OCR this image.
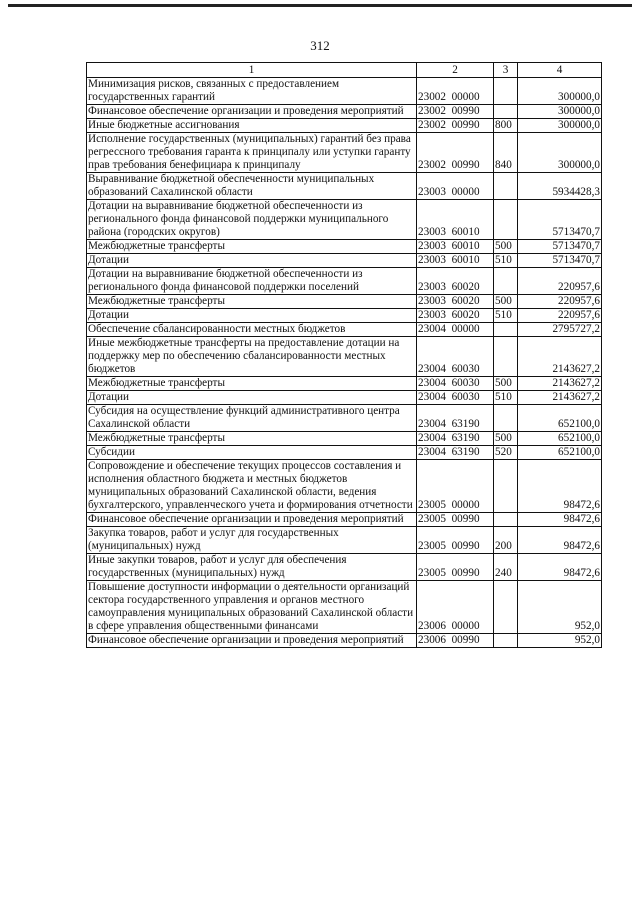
312
1	2	3	4
Минимизация рисков, связанных с предоставлением государственных гарантий	23002  00000		300000,0
Финансовое обеспечение организации и проведения мероприятий	23002  00990		300000,0
Иные бюджетные ассигнования	23002  00990	800	300000,0
Исполнение государственных (муниципальных) гарантий без права регрессного требования гаранта к принципалу или уступки гаранту прав требования бенефициара к принципалу	23002  00990	840	300000,0
Выравнивание бюджетной обеспеченности муниципальных образований Сахалинской области	23003  00000		5934428,3
Дотации на выравнивание бюджетной обеспеченности из регионального фонда финансовой поддержки муниципального района (городских округов)	23003  60010		5713470,7
Межбюджетные трансферты	23003  60010	500	5713470,7
Дотации	23003  60010	510	5713470,7
Дотации на выравнивание бюджетной обеспеченности из регионального фонда финансовой поддержки поселений	23003  60020		220957,6
Межбюджетные трансферты	23003  60020	500	220957,6
Дотации	23003  60020	510	220957,6
Обеспечение сбалансированности местных бюджетов	23004  00000		2795727,2
Иные межбюджетные трансферты на предоставление дотации на поддержку мер по обеспечению сбалансированности местных бюджетов	23004  60030		2143627,2
Межбюджетные трансферты	23004  60030	500	2143627,2
Дотации	23004  60030	510	2143627,2
Субсидия на осуществление функций административного центра Сахалинской области	23004  63190		652100,0
Межбюджетные трансферты	23004  63190	500	652100,0
Субсидии	23004  63190	520	652100,0
Сопровождение и обеспечение текущих процессов составления и исполнения областного бюджета и местных бюджетов муниципальных образований Сахалинской области, ведения бухгалтерского, управленческого учета и формирования отчетности	23005  00000		98472,6
Финансовое обеспечение организации и проведения мероприятий	23005  00990		98472,6
Закупка товаров, работ и услуг для государственных (муниципальных) нужд	23005  00990	200	98472,6
Иные закупки товаров, работ и услуг для обеспечения государственных (муниципальных) нужд	23005  00990	240	98472,6
Повышение доступности информации о деятельности организаций сектора государственного управления и органов местного самоуправления муниципальных образований Сахалинской области в сфере управления общественными финансами	23006  00000		952,0
Финансовое обеспечение организации и проведения мероприятий	23006  00990		952,0
